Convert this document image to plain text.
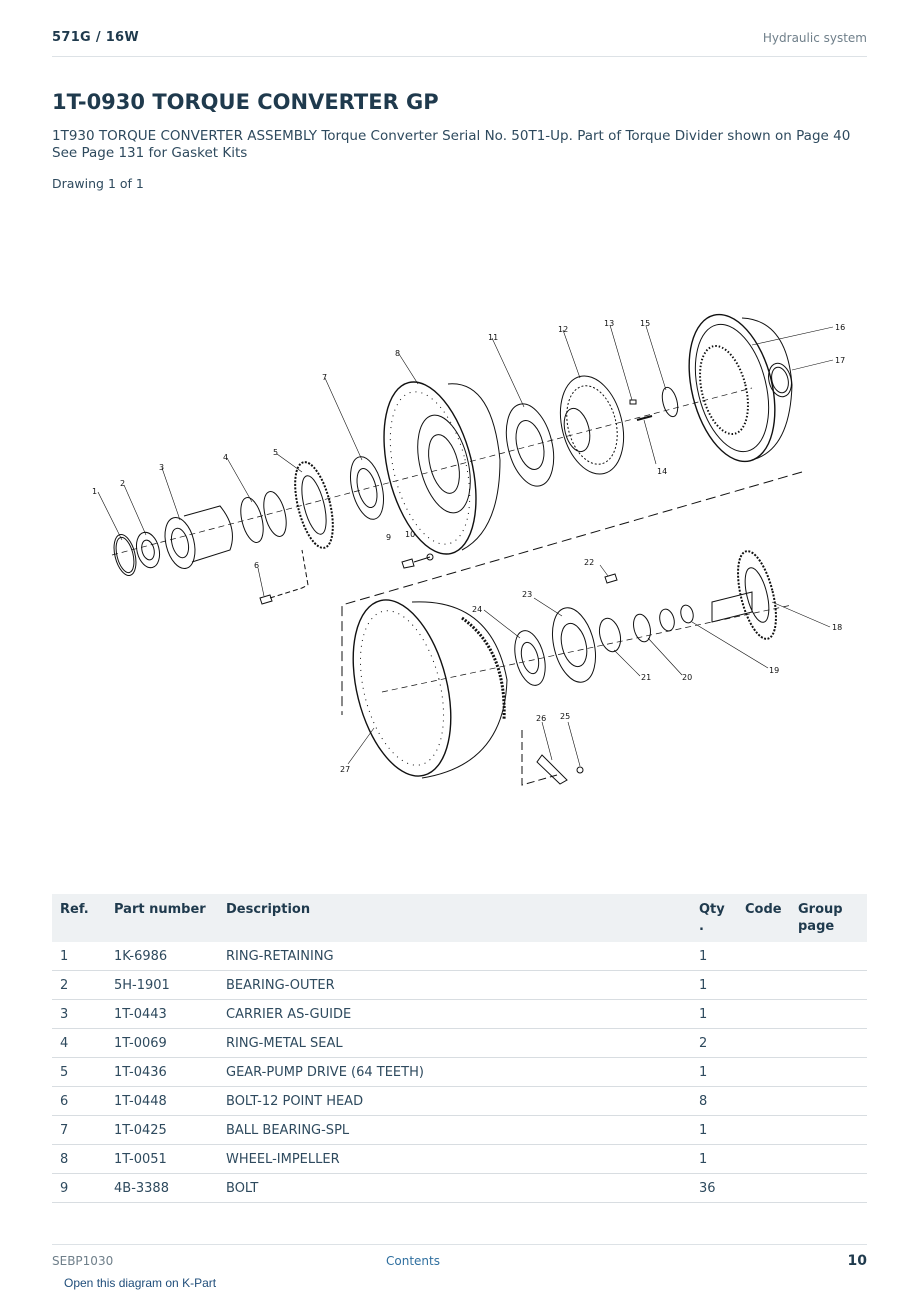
571G / 16W	Hydraulic system
1T-0930 TORQUE CONVERTER GP
1T930 TORQUE CONVERTER ASSEMBLY Torque Converter Serial No. 50T1-Up. Part of Torque Divider shown on Page 40 See Page 131 for Gasket Kits
Drawing 1 of 1
1
2
3
4
5
6
7
8
9 10
11
12
13
14
15	16
17
18
19
20
21
22
23
24
25
26
27
Ref.	Part number	Description	Qty .	Code	Group page
1	1K-6986	RING-RETAINING	1		
2	5H-1901	BEARING-OUTER	1		
3	1T-0443	CARRIER AS-GUIDE	1		
4	1T-0069	RING-METAL SEAL	2		
5	1T-0436	GEAR-PUMP DRIVE (64 TEETH)	1		
6	1T-0448	BOLT-12 POINT HEAD	8		
7	1T-0425	BALL BEARING-SPL	1		
8	1T-0051	WHEEL-IMPELLER	1		
9	4B-3388	BOLT	36		
SEBP1030	Contents	10
Open this diagram on K-Part
